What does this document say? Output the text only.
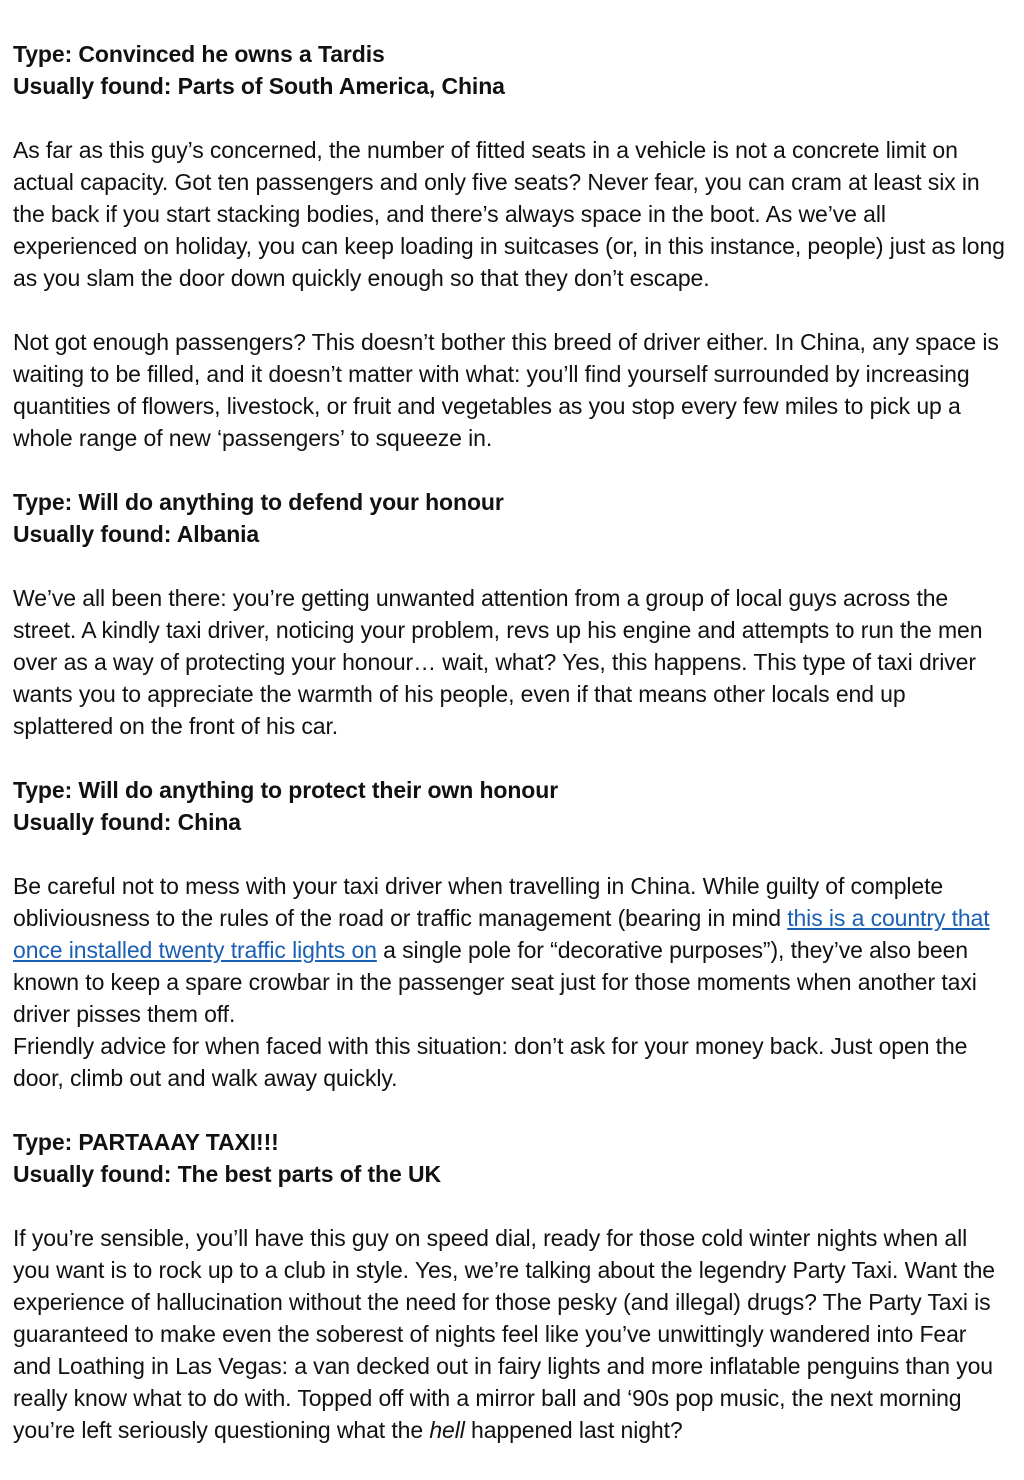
Type: Convinced he owns a Tardis

Usually found: Parts of South America, China

As far as this guy’s concerned, the number of fitted seats in a vehicle is not a concrete limit on actual capacity. Got ten passengers and only five seats? Never fear, you can cram at least six in the back if you start stacking bodies, and there’s always space in the boot. As we’ve all experienced on holiday, you can keep loading in suitcases (or, in this instance, people) just as long as you slam the door down quickly enough so that they don’t escape.

Not got enough passengers? This doesn’t bother this breed of driver either. In China, any space is waiting to be filled, and it doesn’t matter with what: you’ll find yourself surrounded by increasing quantities of flowers, livestock, or fruit and vegetables as you stop every few miles to pick up a whole range of new ‘passengers’ to squeeze in.

Type: Will do anything to defend your honour

Usually found: Albania

We’ve all been there: you’re getting unwanted attention from a group of local guys across the street. A kindly taxi driver, noticing your problem, revs up his engine and attempts to run the men over as a way of protecting your honour… wait, what? Yes, this happens. This type of taxi driver wants you to appreciate the warmth of his people, even if that means other locals end up splattered on the front of his car.

Type: Will do anything to protect their own honour

Usually found: China

Be careful not to mess with your taxi driver when travelling in China. While guilty of complete obliviousness to the rules of the road or traffic management (bearing in mind this is a country that once installed twenty traffic lights on a single pole for “decorative purposes”), they’ve also been known to keep a spare crowbar in the passenger seat just for those moments when another taxi driver pisses them off.

Friendly advice for when faced with this situation: don’t ask for your money back. Just open the door, climb out and walk away quickly.

Type: PARTAAAY TAXI!!!

Usually found: The best parts of the UK

If you’re sensible, you’ll have this guy on speed dial, ready for those cold winter nights when all you want is to rock up to a club in style. Yes, we’re talking about the legendry Party Taxi. Want the experience of hallucination without the need for those pesky (and illegal) drugs? The Party Taxi is guaranteed to make even the soberest of nights feel like you’ve unwittingly wandered into Fear and Loathing in Las Vegas: a van decked out in fairy lights and more inflatable penguins than you really know what to do with. Topped off with a mirror ball and ‘90s pop music, the next morning you’re left seriously questioning what the hell happened last night?
